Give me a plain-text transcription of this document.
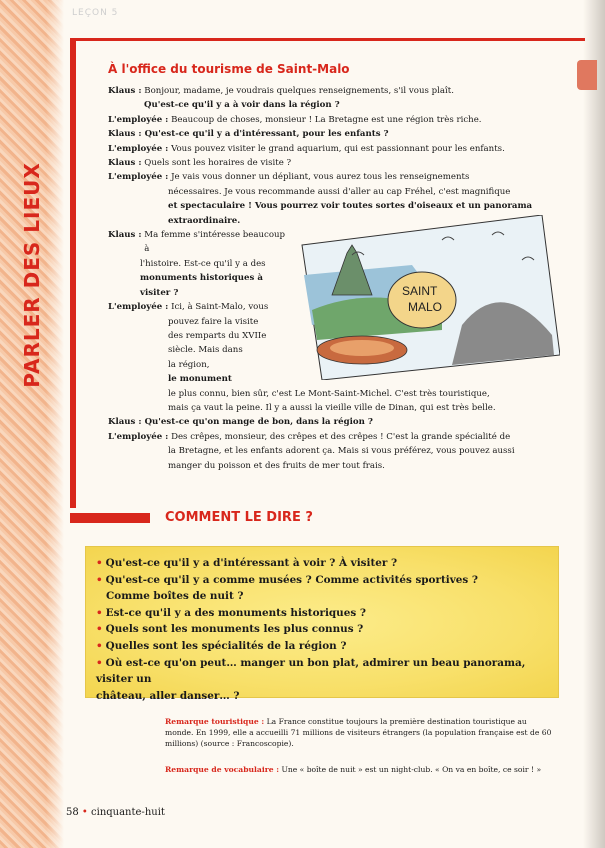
PARLER DES LIEUX
LEÇON 5
À l'office du tourisme de Saint-Malo
Klaus :
Bonjour, madame, je voudrais quelques renseignements, s'il vous plaît.
Qu'est-ce qu'il y a à voir dans la région ?
L'employée :
Beaucoup de choses, monsieur ! La Bretagne est une région très riche.
Klaus :
Qu'est-ce qu'il y a d'intéressant, pour les enfants ?
L'employée :
Vous pouvez visiter le grand aquarium, qui est passionnant pour les enfants.
Klaus :
Quels sont les horaires de visite ?
L'employée :
Je vais vous donner un dépliant, vous aurez tous les renseignements
nécessaires. Je vous recommande aussi d'aller au cap Fréhel, c'est magnifique
et spectaculaire ! Vous pourrez voir toutes sortes d'oiseaux et un panorama
extraordinaire.
Klaus :
Ma femme s'intéresse beaucoup à
l'histoire. Est-ce qu'il y a des
monuments historiques à
visiter ?
L'employée :
Ici, à Saint-Malo, vous
pouvez faire la visite
des remparts du XVIIe
siècle. Mais dans
la région,
le monument
le plus connu, bien sûr, c'est Le Mont-Saint-Michel. C'est très touristique,
mais ça vaut la peine. Il y a aussi la vieille ville de Dinan, qui est très belle.
Klaus :
Qu'est-ce qu'on mange de bon, dans la région ?
L'employée :
Des crêpes, monsieur, des crêpes et des crêpes ! C'est la grande spécialité de
la Bretagne, et les enfants adorent ça. Mais si vous préférez, vous pouvez aussi
manger du poisson et des fruits de mer tout frais.
SAINT
MALO
COMMENT LE DIRE ?
• Qu'est-ce qu'il y a d'intéressant à voir ? À visiter ?
• Qu'est-ce qu'il y a comme musées ? Comme activités sportives ?
Comme boîtes de nuit ?
• Est-ce qu'il y a des monuments historiques ?
• Quels sont les monuments les plus connus ?
• Quelles sont les spécialités de la région ?
• Où est-ce qu'on peut… manger un bon plat, admirer un beau panorama, visiter un
château, aller danser… ?
Remarque touristique : La France constitue toujours la première destination touristique au monde. En 1999, elle a accueilli 71 millions de visiteurs étrangers (la population française est de 60 millions) (source : Francoscopie).
Remarque de vocabulaire : Une « boîte de nuit » est un night-club. « On va en boîte, ce soir ! »
58 • cinquante-huit
